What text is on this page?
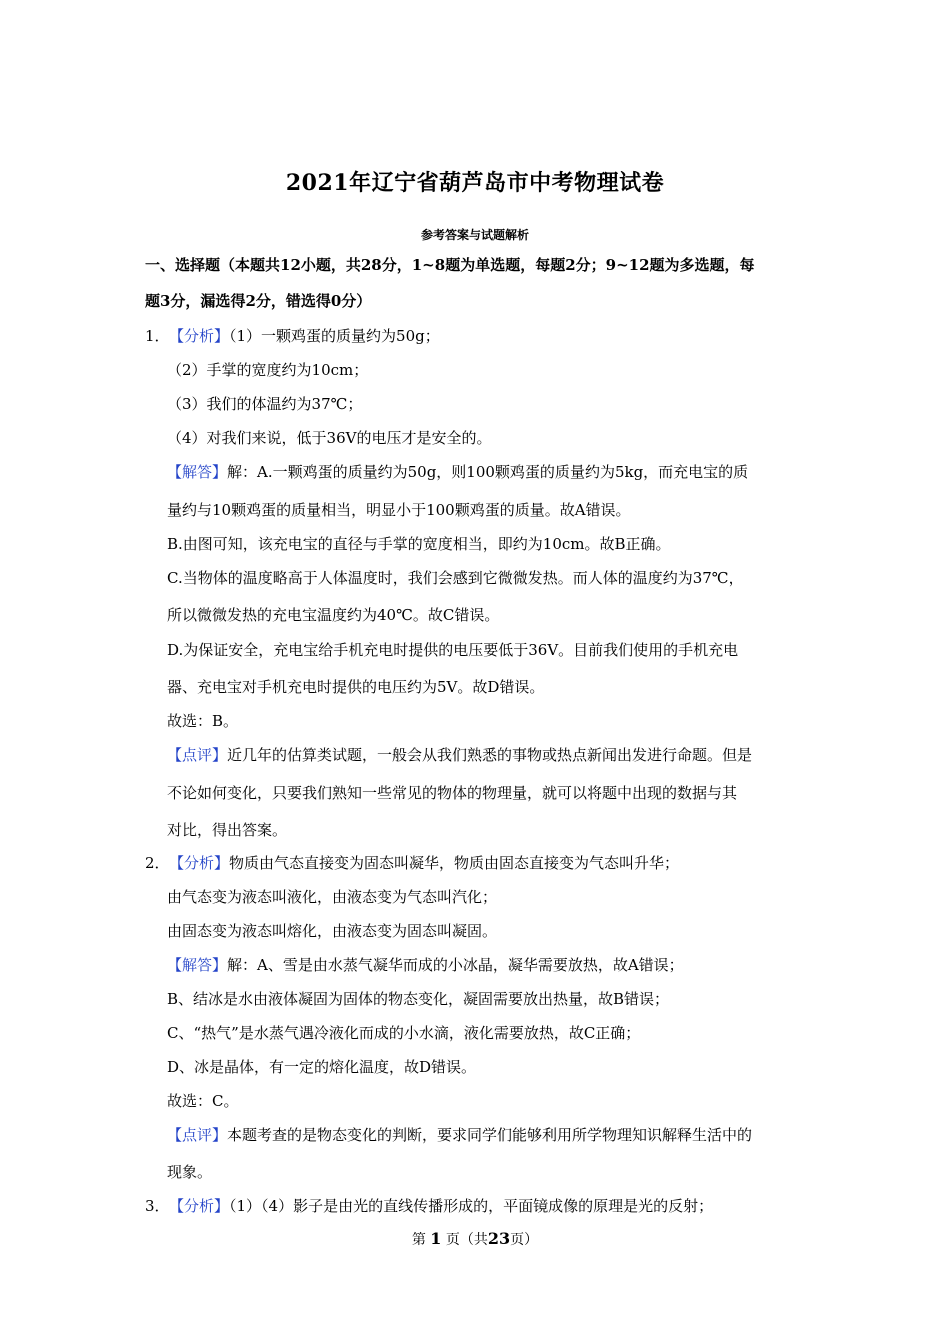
2021年辽宁省葫芦岛市中考物理试卷
参考答案与试题解析
一、选择题（本题共12小题，共28分，1~8题为单选题，每题2分；9~12题为多选题，每
题3分，漏选得2分，错选得0分）
1．【分析】（1）一颗鸡蛋的质量约为50g；
（2）手掌的宽度约为10cm；
（3）我们的体温约为37℃；
（4）对我们来说，低于36V的电压才是安全的。
【解答】解：A.一颗鸡蛋的质量约为50g，则100颗鸡蛋的质量约为5kg，而充电宝的质
量约与10颗鸡蛋的质量相当，明显小于100颗鸡蛋的质量。故A错误。
B.由图可知，该充电宝的直径与手掌的宽度相当，即约为10cm。故B正确。
C.当物体的温度略高于人体温度时，我们会感到它微微发热。而人体的温度约为37℃，
所以微微发热的充电宝温度约为40℃。故C错误。
D.为保证安全，充电宝给手机充电时提供的电压要低于36V。目前我们使用的手机充电
器、充电宝对手机充电时提供的电压约为5V。故D错误。
故选：B。
【点评】近几年的估算类试题，一般会从我们熟悉的事物或热点新闻出发进行命题。但是
不论如何变化，只要我们熟知一些常见的物体的物理量，就可以将题中出现的数据与其
对比，得出答案。
2．【分析】物质由气态直接变为固态叫凝华，物质由固态直接变为气态叫升华；
由气态变为液态叫液化，由液态变为气态叫汽化；
由固态变为液态叫熔化，由液态变为固态叫凝固。
【解答】解：A、雪是由水蒸气凝华而成的小冰晶，凝华需要放热，故A错误；
B、结冰是水由液体凝固为固体的物态变化，凝固需要放出热量，故B错误；
C、“热气”是水蒸气遇冷液化而成的小水滴，液化需要放热，故C正确；
D、冰是晶体，有一定的熔化温度，故D错误。
故选：C。
【点评】本题考查的是物态变化的判断，要求同学们能够利用所学物理知识解释生活中的
现象。
3．【分析】（1）（4）影子是由光的直线传播形成的，平面镜成像的原理是光的反射；
第 1 页（共23页）
